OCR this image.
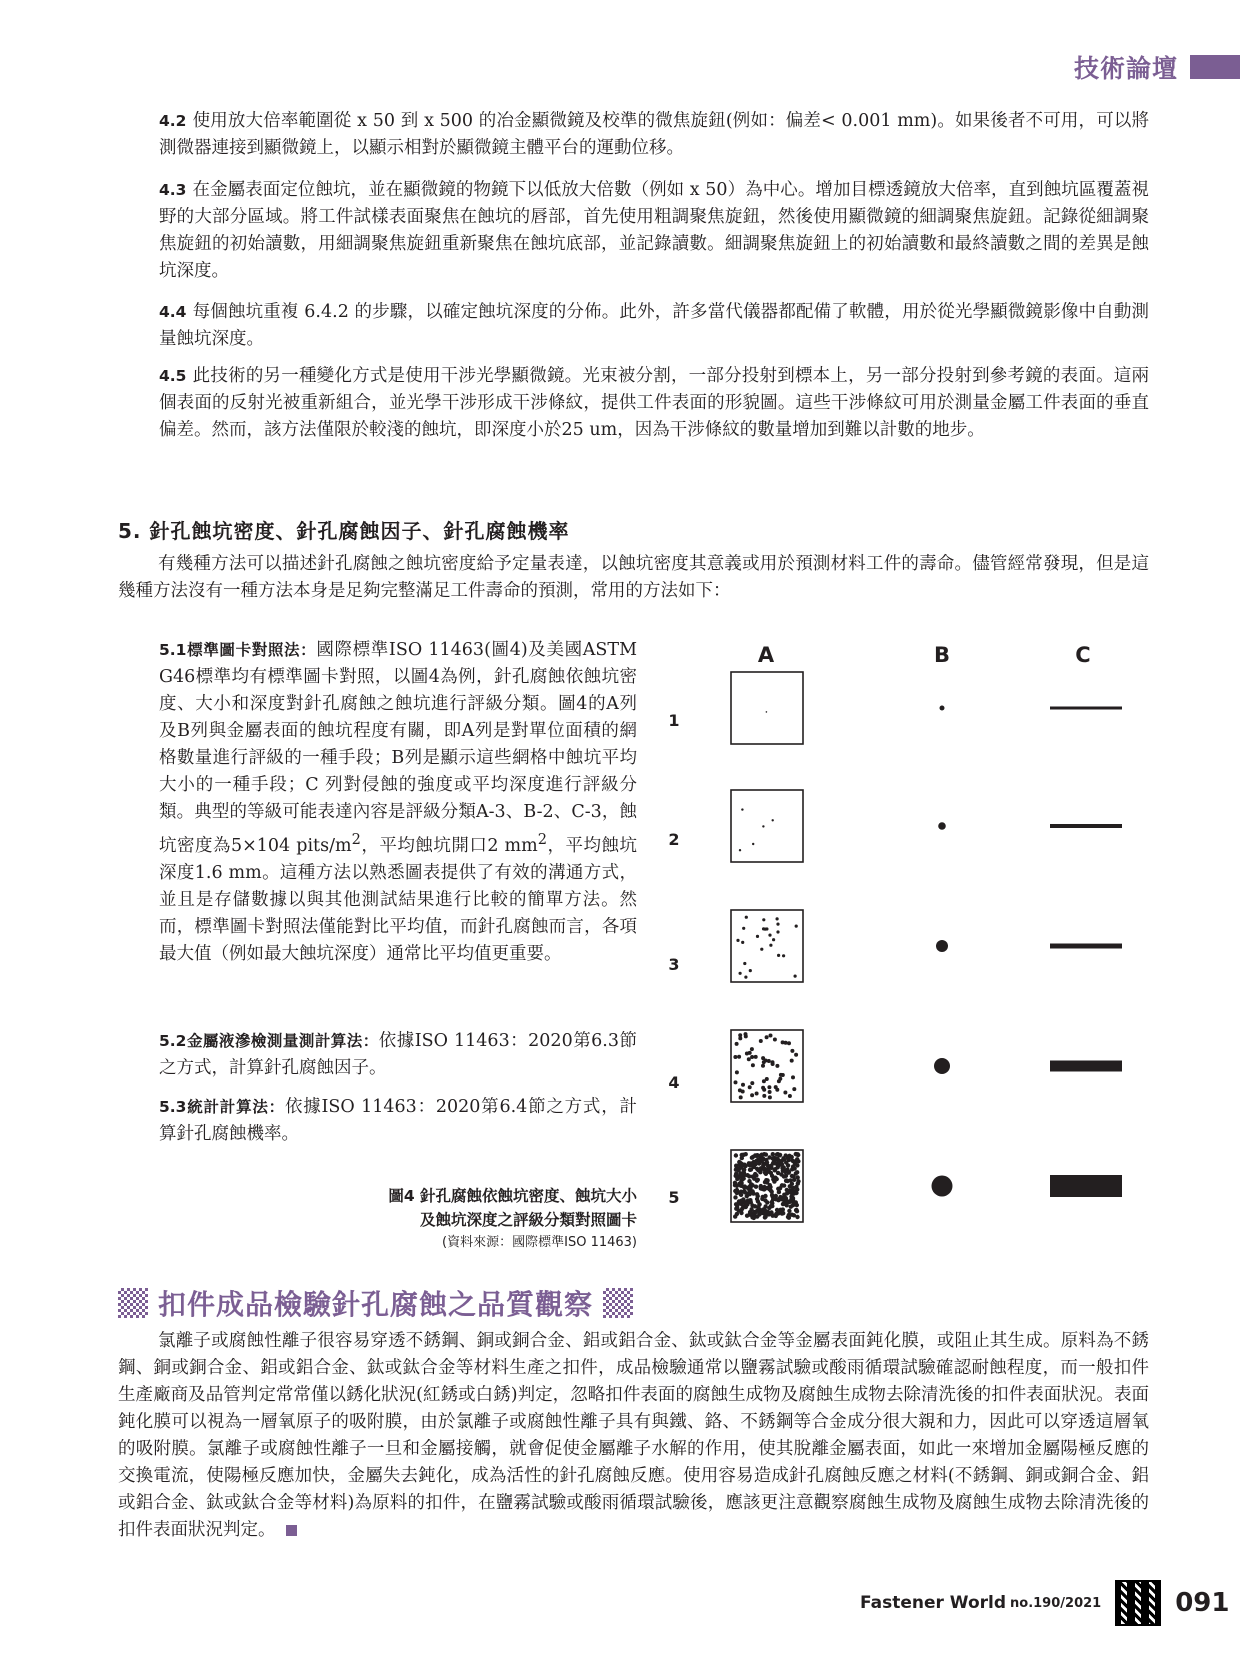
技術論壇

4.2 使用放大倍率範圍從 x 50 到 x 500 的冶金顯微鏡及校準的微焦旋鈕(例如：偏差< 0.001 mm)。如果後者不可用，可以將測微器連接到顯微鏡上，以顯示相對於顯微鏡主體平台的運動位移。

4.3 在金屬表面定位蝕坑，並在顯微鏡的物鏡下以低放大倍數（例如 x 50）為中心。增加目標透鏡放大倍率，直到蝕坑區覆蓋視野的大部分區域。將工件試樣表面聚焦在蝕坑的唇部，首先使用粗調聚焦旋鈕，然後使用顯微鏡的細調聚焦旋鈕。記錄從細調聚焦旋鈕的初始讀數，用細調聚焦旋鈕重新聚焦在蝕坑底部，並記錄讀數。細調聚焦旋鈕上的初始讀數和最終讀數之間的差異是蝕坑深度。

4.4 每個蝕坑重複 6.4.2 的步驟，以確定蝕坑深度的分佈。此外，許多當代儀器都配備了軟體，用於從光學顯微鏡影像中自動測量蝕坑深度。

4.5 此技術的另一種變化方式是使用干涉光學顯微鏡。光束被分割，一部分投射到標本上，另一部分投射到參考鏡的表面。這兩個表面的反射光被重新組合，並光學干涉形成干涉條紋，提供工件表面的形貌圖。這些干涉條紋可用於測量金屬工件表面的垂直偏差。然而，該方法僅限於較淺的蝕坑，即深度小於25 um，因為干涉條紋的數量增加到難以計數的地步。

5. 針孔蝕坑密度、針孔腐蝕因子、針孔腐蝕機率

有幾種方法可以描述針孔腐蝕之蝕坑密度給予定量表達，以蝕坑密度其意義或用於預測材料工件的壽命。儘管經常發現，但是這幾種方法沒有一種方法本身是足夠完整滿足工件壽命的預測，常用的方法如下：

5.1標準圖卡對照法：國際標準ISO 11463(圖4)及美國ASTM G46標準均有標準圖卡對照，以圖4為例，針孔腐蝕依蝕坑密度、大小和深度對針孔腐蝕之蝕坑進行評級分類。圖4的A列及B列與金屬表面的蝕坑程度有關，即A列是對單位面積的網格數量進行評級的一種手段；B列是顯示這些網格中蝕坑平均大小的一種手段；C 列對侵蝕的強度或平均深度進行評級分類。典型的等級可能表達內容是評級分類A-3、B-2、C-3，蝕坑密度為5×104 pits/$m^2$，平均蝕坑開口2 $mm^2$，平均蝕坑深度1.6 mm。這種方法以熟悉圖表提供了有效的溝通方式，並且是存儲數據以與其他測試結果進行比較的簡單方法。然而，標準圖卡對照法僅能對比平均值，而針孔腐蝕而言，各項最大值（例如最大蝕坑深度）通常比平均值更重要。

5.2金屬液滲檢測量測計算法：依據ISO 11463：2020第6.3節之方式，計算針孔腐蝕因子。

5.3統計計算法：依據ISO 11463：2020第6.4節之方式，計算針孔腐蝕機率。

圖4 針孔腐蝕依蝕坑密度、蝕坑大小
及蝕坑深度之評級分類對照圖卡
(資料來源：國際標準ISO 11463)

A	B	C
1
2
3
4
5
扣件成品檢驗針孔腐蝕之品質觀察

氯離子或腐蝕性離子很容易穿透不銹鋼、銅或銅合金、鋁或鋁合金、鈦或鈦合金等金屬表面鈍化膜，或阻止其生成。原料為不銹鋼、銅或銅合金、鋁或鋁合金、鈦或鈦合金等材料生產之扣件，成品檢驗通常以鹽霧試驗或酸雨循環試驗確認耐蝕程度，而一般扣件生產廠商及品管判定常常僅以銹化狀況(紅銹或白銹)判定，忽略扣件表面的腐蝕生成物及腐蝕生成物去除清洗後的扣件表面狀況。表面鈍化膜可以視為一層氧原子的吸附膜，由於氯離子或腐蝕性離子具有與鐵、鉻、不銹鋼等合金成分很大親和力，因此可以穿透這層氧的吸附膜。氯離子或腐蝕性離子一旦和金屬接觸，就會促使金屬離子水解的作用，使其脫離金屬表面，如此一來增加金屬陽極反應的交換電流，使陽極反應加快，金屬失去鈍化，成為活性的針孔腐蝕反應。使用容易造成針孔腐蝕反應之材料(不銹鋼、銅或銅合金、鋁或鋁合金、鈦或鈦合金等材料)為原料的扣件，在鹽霧試驗或酸雨循環試驗後，應該更注意觀察腐蝕生成物及腐蝕生成物去除清洗後的扣件表面狀況判定。

Fastener World no.190/2021	091
